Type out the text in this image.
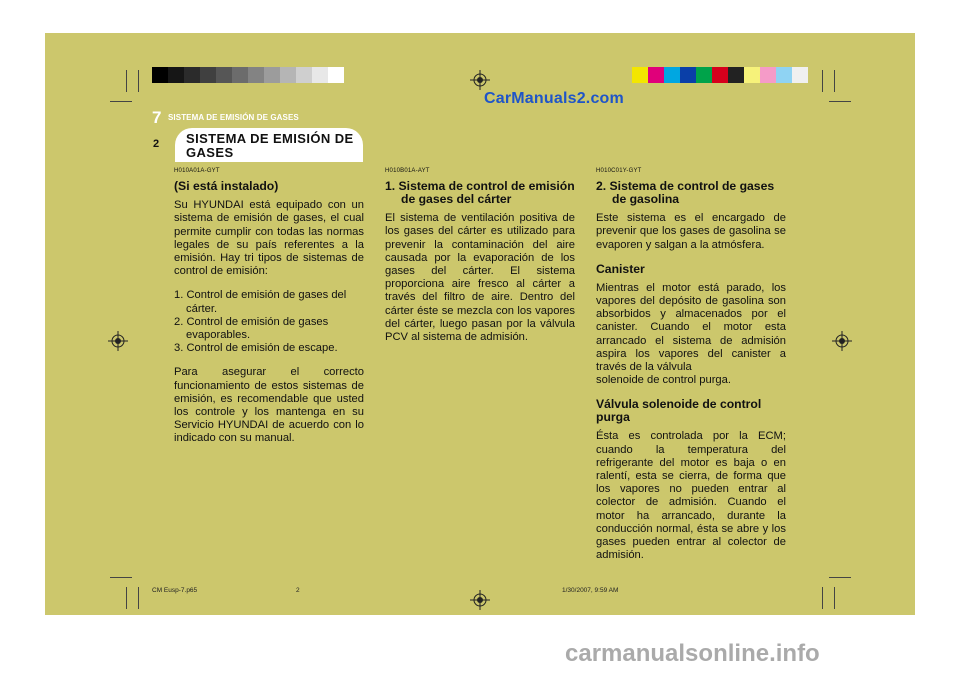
CarManuals2.com
7 SISTEMA DE EMISIÓN DE GASES
SISTEMA DE EMISIÓN DE GASES
2
H010A01A-GYT
(Si está instalado)

Su HYUNDAI está equipado con un sistema de emisión de gases, el cual permite cumplir con todas las normas legales de su país referentes a la emisión. Hay tri tipos de sistemas de control de emisión:

1. Control de emisión de gases del cárter.
2. Control de emisión de gases evaporables.
3. Control de emisión de escape.

Para asegurar el correcto funcionamiento de estos sistemas de emisión, es recomendable que usted los controle y los mantenga en su Servicio HYUNDAI de acuerdo con lo indicado con su manual.

H010B01A-AYT
1. Sistema de control de emisión de gases del cárter

El sistema de ventilación positiva de los gases del cárter es utilizado para prevenir la contaminación del aire causada por la evaporación de los gases del cárter. El sistema proporciona aire fresco al cárter a través del filtro de aire. Dentro del cárter éste se mezcla con los vapores del cárter, luego pasan por la válvula PCV al sistema de admisión.

H010C01Y-GYT
2. Sistema de control de gases de gasolina

Este sistema es el encargado de prevenir que los gases de gasolina se evaporen y salgan a la atmósfera.

Canister

Mientras el motor está parado, los vapores del depósito de gasolina son absorbidos y almacenados por el canister. Cuando el motor esta arrancado el sistema de admisión aspira los vapores del canister a través de la válvula

solenoide de control purga.

Válvula solenoide de control purga

Ésta es controlada por la ECM; cuando la temperatura del refrigerante del motor es baja o en ralentí, esta se cierra, de forma que los vapores no pueden entrar al colector de admisión. Cuando el motor ha arrancado, durante la conducción normal, ésta se abre y los gases pueden entrar al colector de admisión.

CM Eusp-7.p65	2	1/30/2007, 9:59 AM
carmanualsonline.info
